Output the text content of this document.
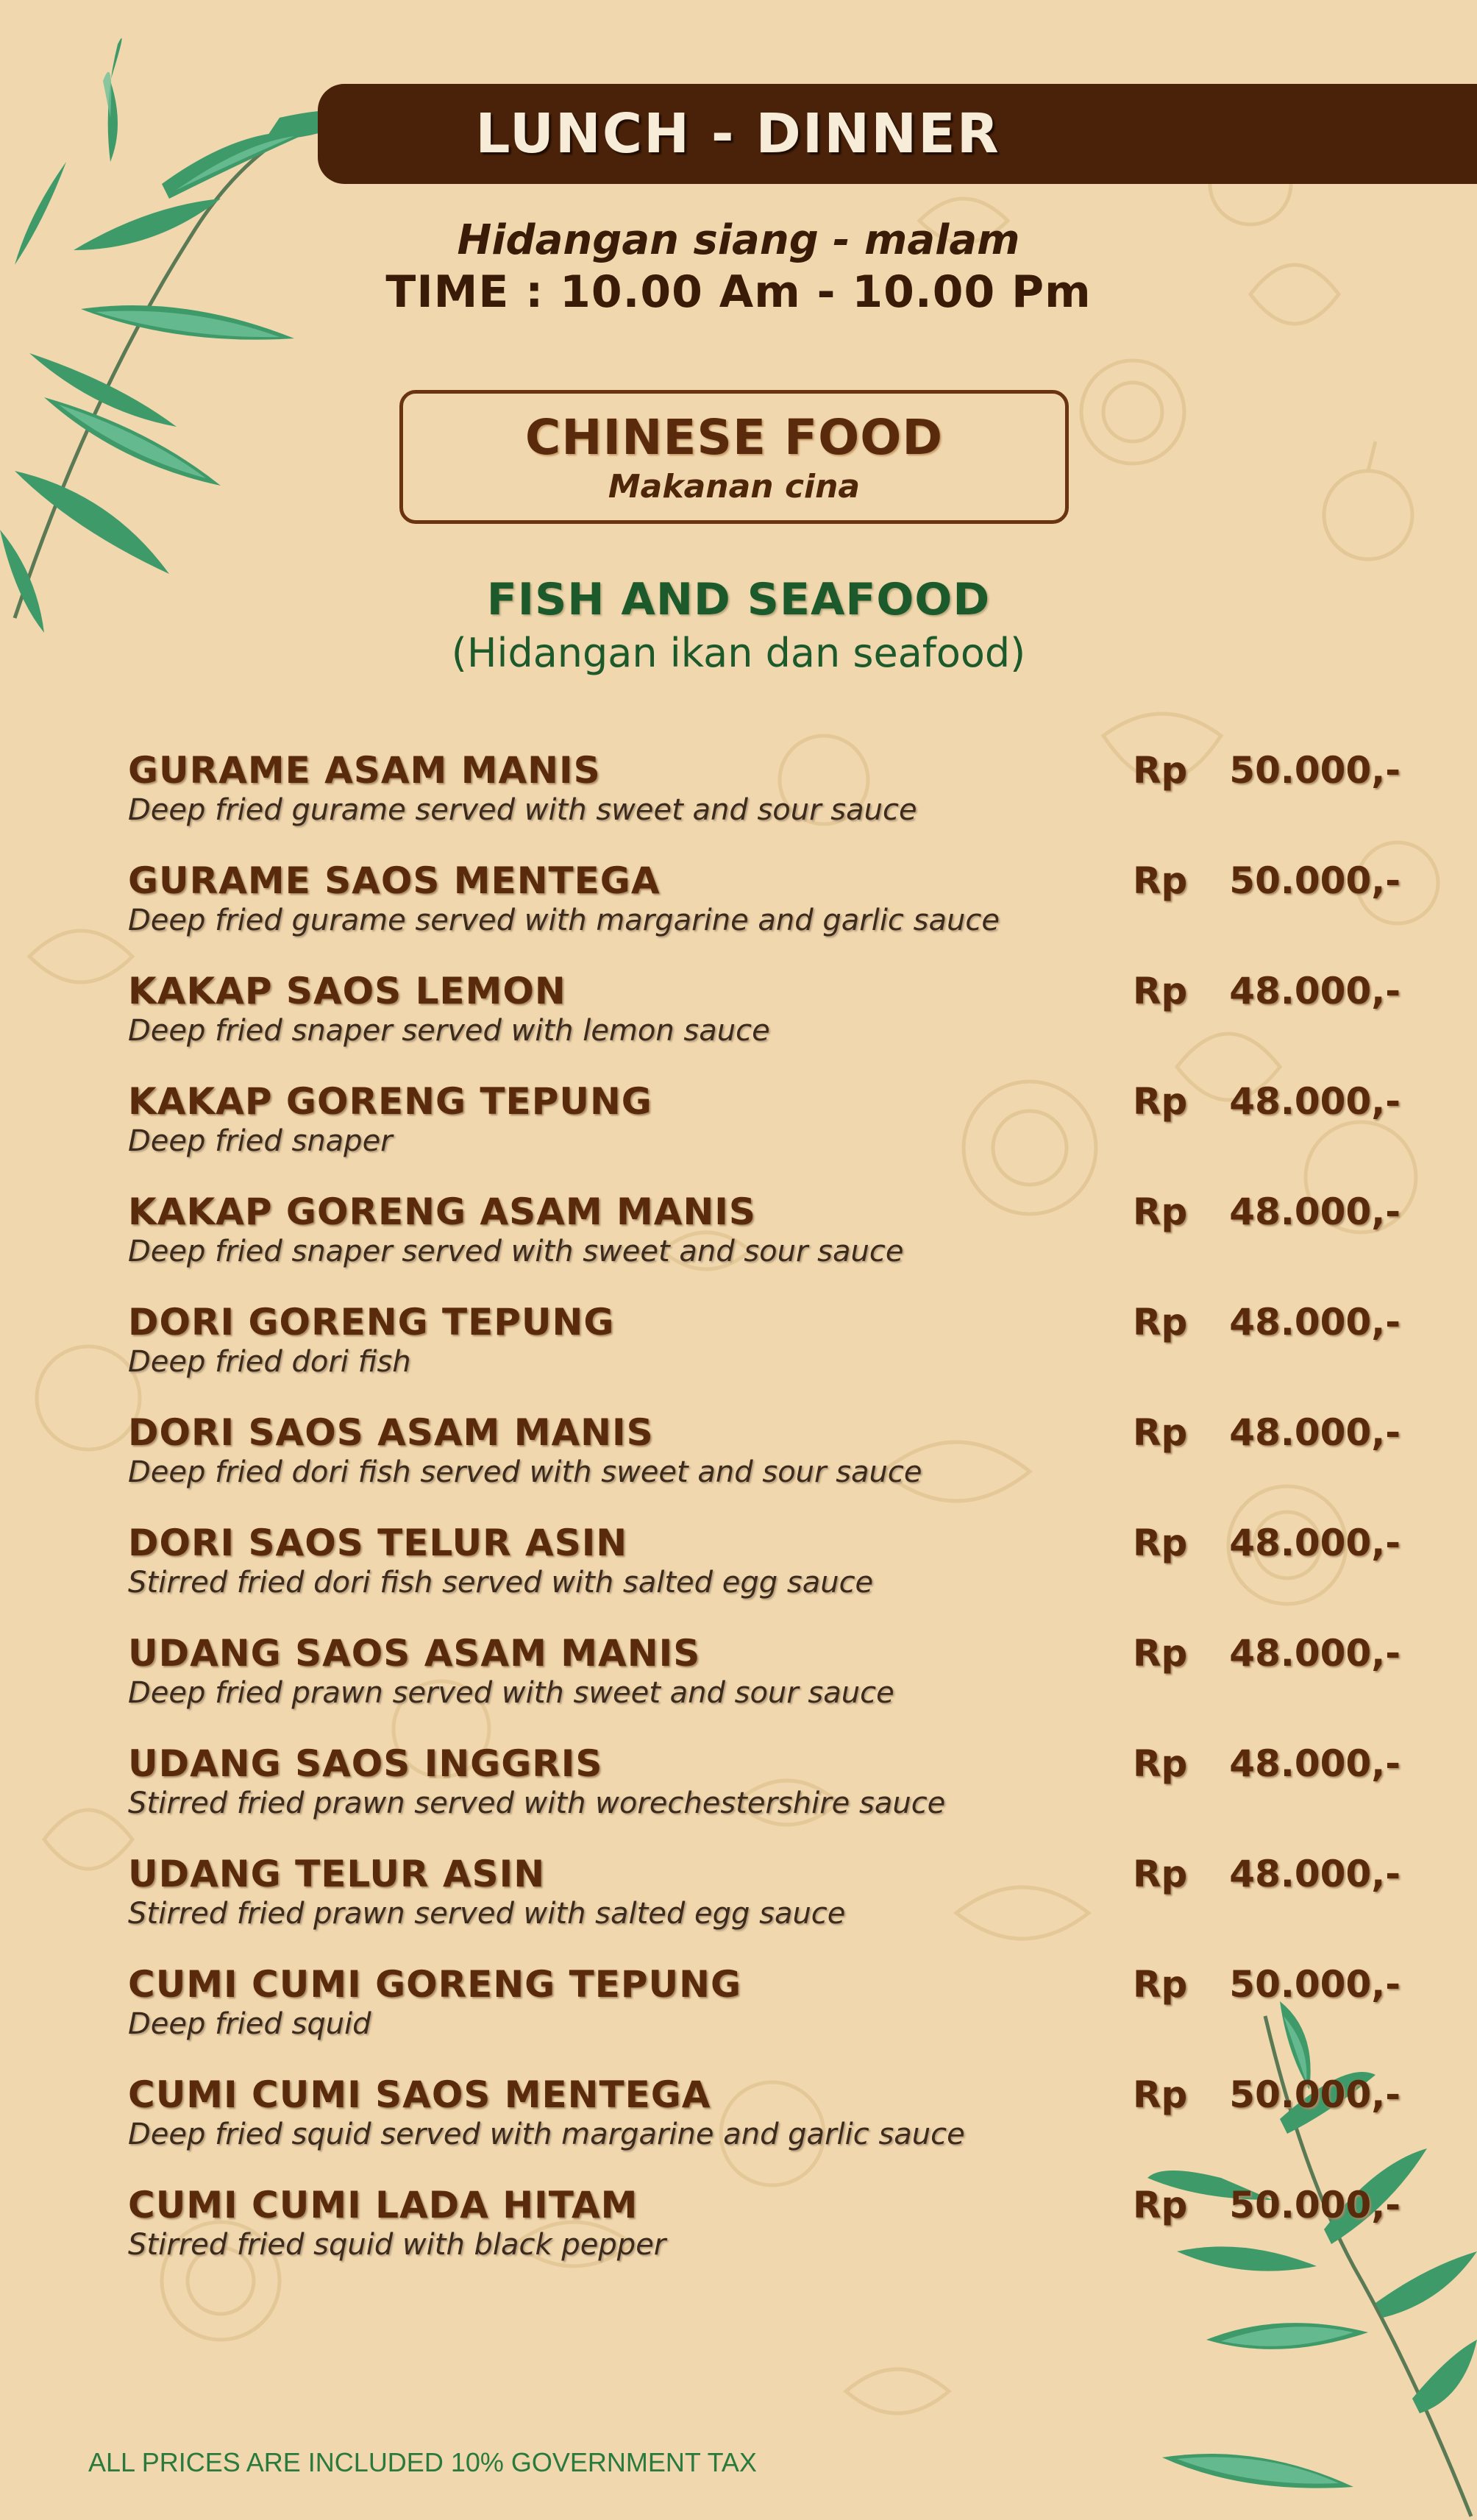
LUNCH - DINNER
Hidangan siang - malam
TIME : 10.00 Am - 10.00 Pm
CHINESE FOOD
Makanan cina
FISH AND SEAFOOD
(Hidangan ikan dan seafood)
GURAME ASAM MANIS
Deep fried gurame served with sweet and sour sauce
Rp	50.000,-
GURAME SAOS MENTEGA
Deep fried gurame served with margarine and garlic sauce
Rp	50.000,-
KAKAP SAOS LEMON
Deep fried snaper served with lemon sauce
Rp	48.000,-
KAKAP GORENG TEPUNG
Deep fried snaper
Rp	48.000,-
KAKAP GORENG ASAM MANIS
Deep fried snaper served with sweet and sour sauce
Rp	48.000,-
DORI GORENG TEPUNG
Deep fried dori fish
Rp	48.000,-
DORI SAOS ASAM MANIS
Deep fried dori fish served with sweet and sour sauce
Rp	48.000,-
DORI SAOS TELUR ASIN
Stirred fried dori fish served with salted egg sauce
Rp	48.000,-
UDANG SAOS ASAM MANIS
Deep fried prawn served with sweet and sour sauce
Rp	48.000,-
UDANG SAOS INGGRIS
Stirred fried prawn served with worechestershire sauce
Rp	48.000,-
UDANG TELUR ASIN
Stirred fried prawn served with salted egg sauce
Rp	48.000,-
CUMI CUMI GORENG TEPUNG
Deep fried squid
Rp	50.000,-
CUMI CUMI SAOS MENTEGA
Deep fried squid served with margarine and garlic sauce
Rp	50.000,-
CUMI CUMI LADA HITAM
Stirred fried squid with black pepper
Rp	50.000,-
ALL PRICES ARE INCLUDED 10% GOVERNMENT TAX
